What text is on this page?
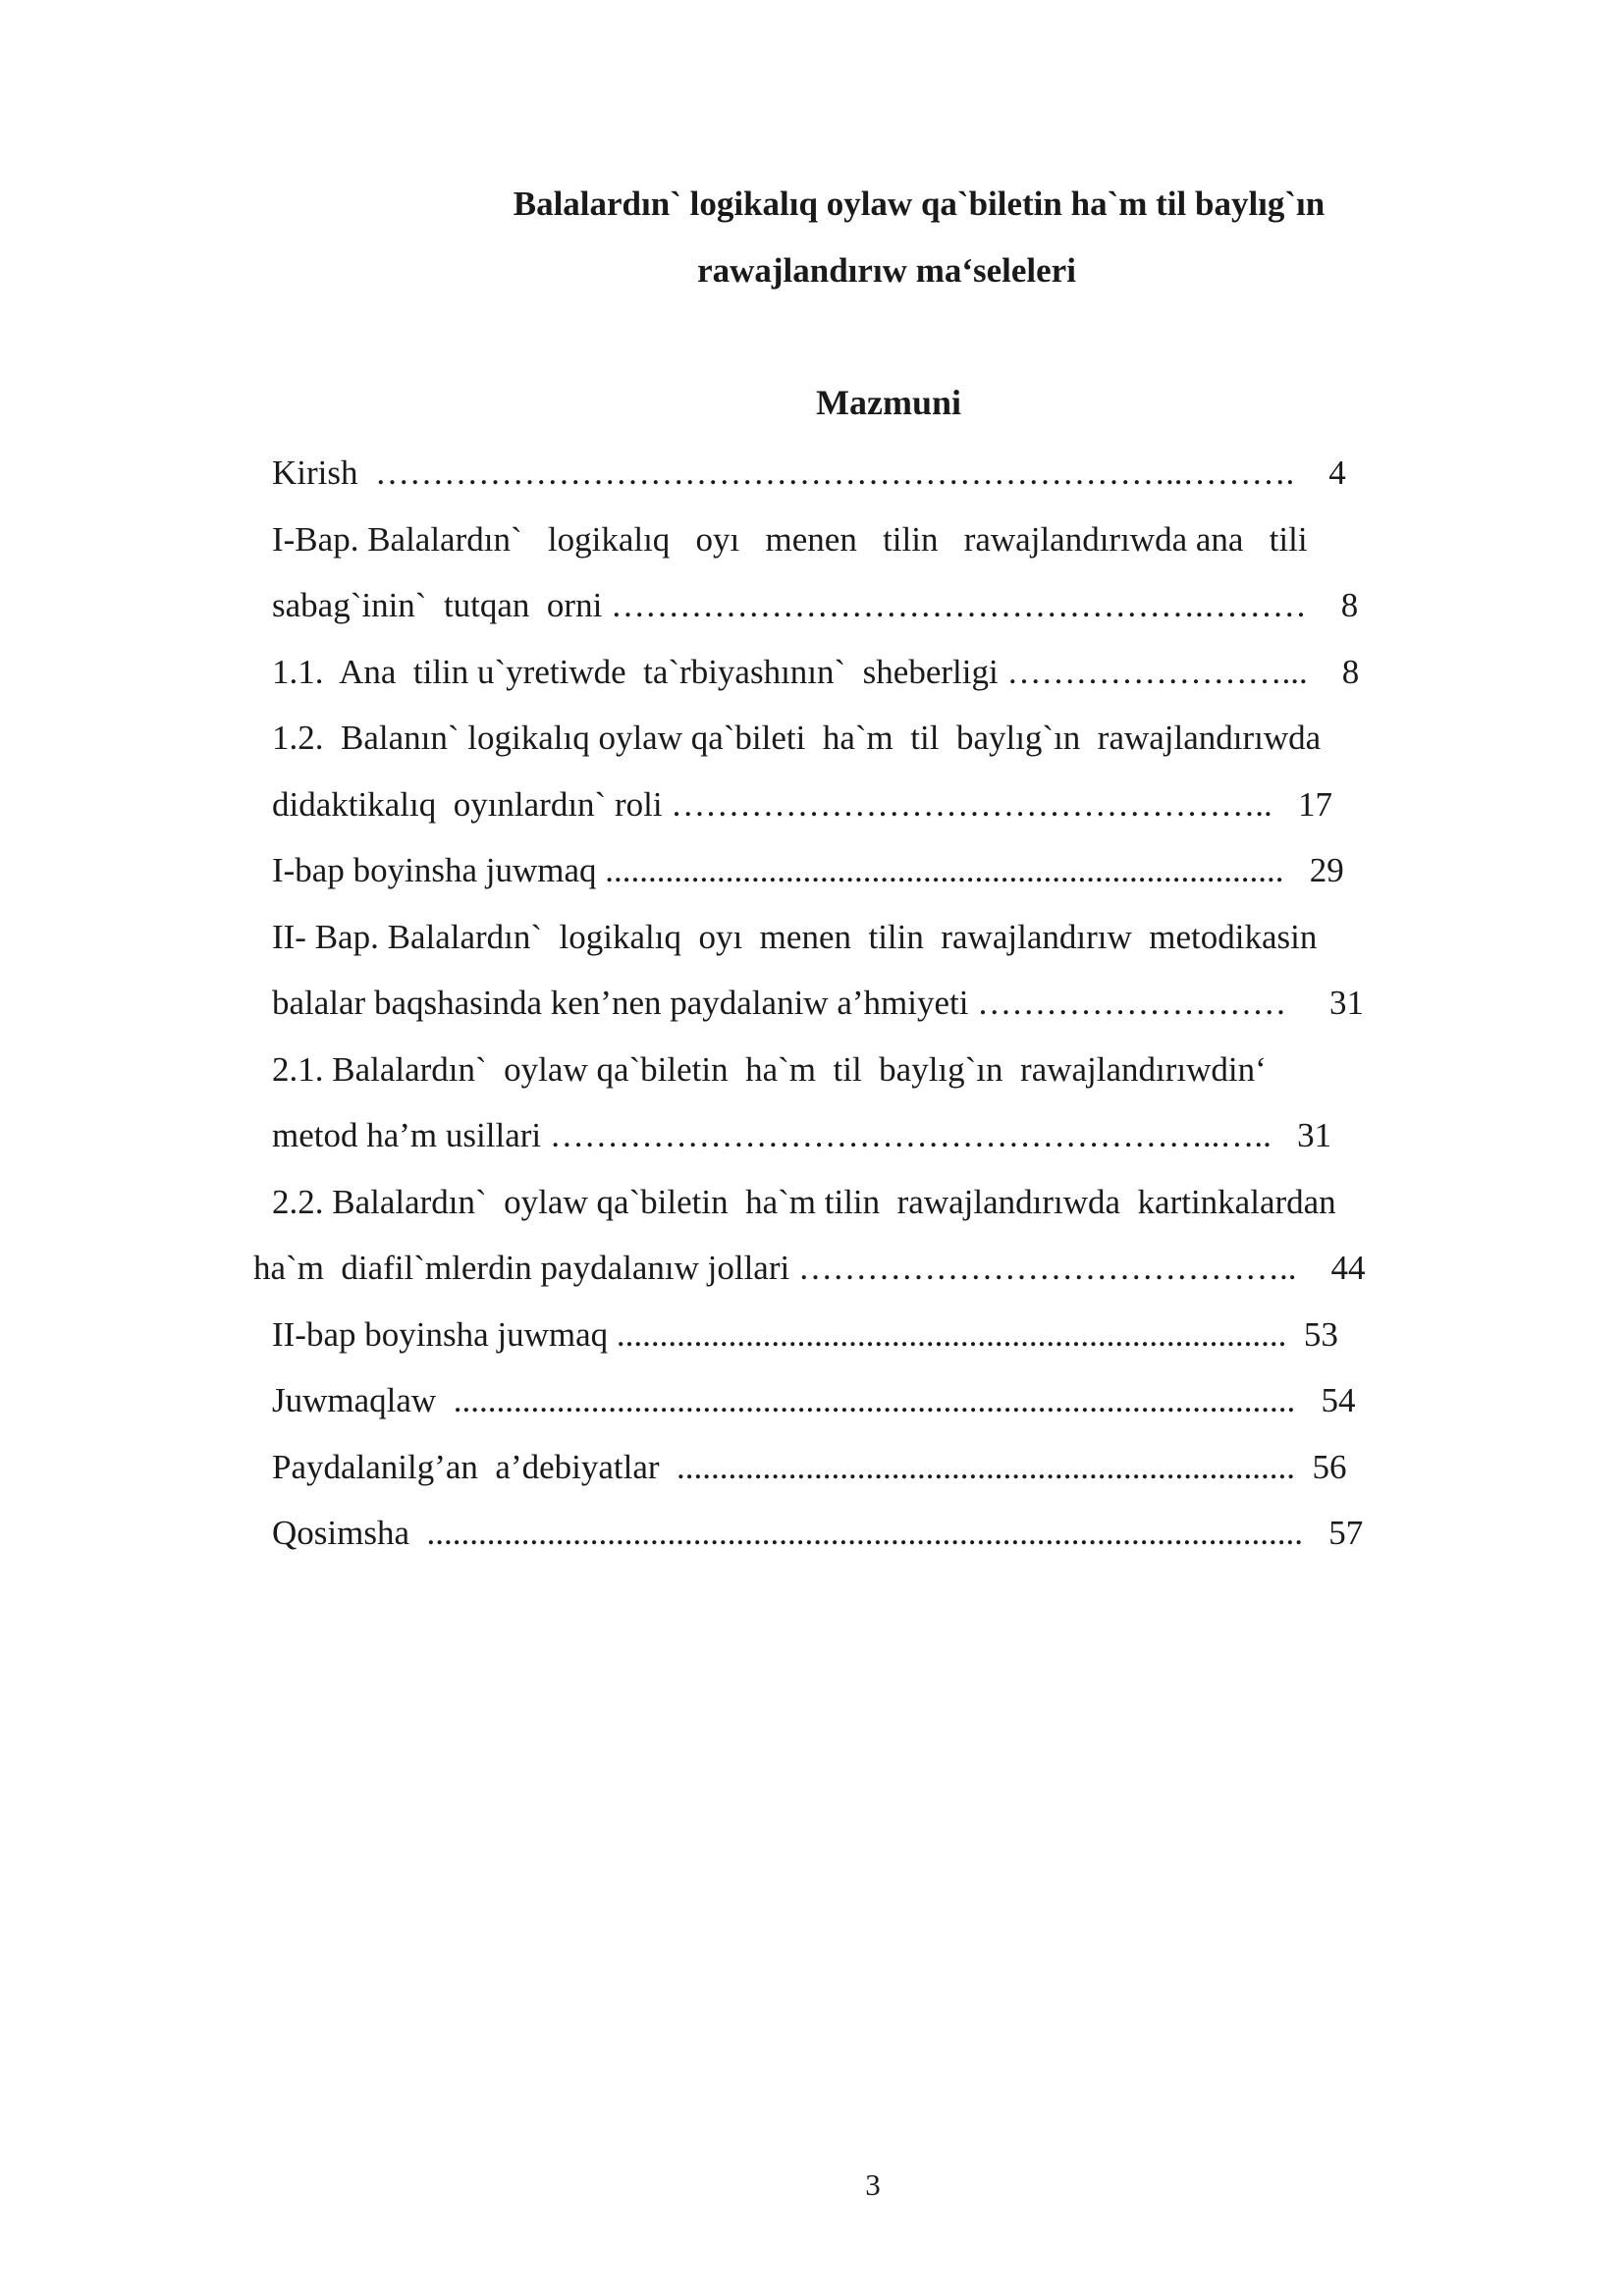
Balalardın` logikalıq oylaw qa`biletin ha`m til baylıg`ın

rawajlandırıw ma‘seleleri

Mazmuni

Kirish  ……………………………………………………………..……….    4

I-Bap. Balalardın`   logikalıq   oyı   menen   tilin   rawajlandırıwda ana   tili

sabag`inin`  tutqan  orni …………………………………………….………    8

1.1.  Ana  tilin u`yretiwde  ta`rbiyashının`  sheberligi ……………………...    8

1.2.  Balanın` logikalıq oylaw qa`bileti  ha`m  til  baylıg`ın  rawajlandırıwda

didaktikalıq  oyınlardın` roli ……………………………………………..   17

I-bap boyinsha juwmaq ...............................................................................   29

II- Bap. Balalardın`  logikalıq  oyı  menen  tilin  rawajlandırıw  metodikasin

balalar baqshasinda ken’nen paydalaniw a’hmiyeti ………………………     31

2.1. Balalardın`  oylaw qa`biletin  ha`m  til  baylıg`ın  rawajlandırıwdin‘

metod ha’m usillari …………………………………………………..…..   31

2.2. Balalardın`  oylaw qa`biletin  ha`m tilin  rawajlandırıwda  kartinkalardan

ha`m  diafil`mlerdin paydalanıw jollari ……………………………………..    44

II-bap boyinsha juwmaq ..............................................................................  53

Juwmaqlaw  ..................................................................................................   54

Paydalanilg’an  a’debiyatlar  ........................................................................  56

Qosimsha  ......................................................................................................   57

3
